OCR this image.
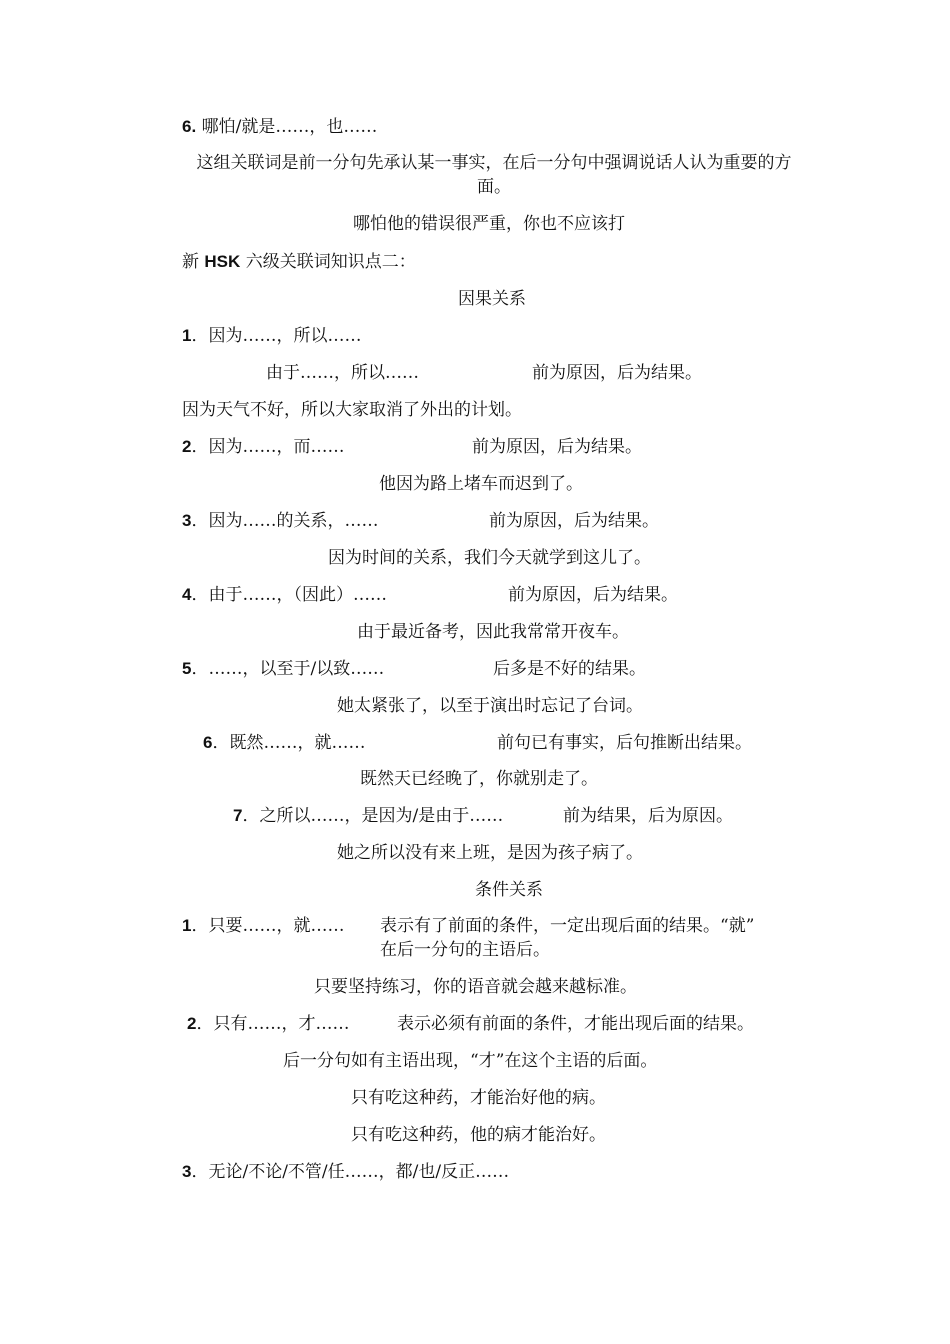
6. 哪怕/就是……，也……
这组关联词是前一分句先承认某一事实，在后一分句中强调说话人认为重要的方面。
哪怕他的错误很严重，你也不应该打
新 HSK 六级关联词知识点二：
因果关系
1．因为……，所以……
由于……，所以……	前为原因，后为结果。
因为天气不好，所以大家取消了外出的计划。
2．因为……，而……	前为原因，后为结果。
他因为路上堵车而迟到了。
3．因为……的关系，……	前为原因，后为结果。
因为时间的关系，我们今天就学到这儿了。
4．由于……，（因此）……	前为原因，后为结果。
由于最近备考，因此我常常开夜车。
5．……，以至于/以致……	后多是不好的结果。
她太紧张了，以至于演出时忘记了台词。
6．既然……，就……	前句已有事实，后句推断出结果。
既然天已经晚了，你就别走了。
7．之所以……，是因为/是由于……	前为结果，后为原因。
她之所以没有来上班，是因为孩子病了。
条件关系
1．只要……，就…… 表示有了前面的条件，一定出现后面的结果。“就”
在后一分句的主语后。
只要坚持练习，你的语音就会越来越标准。
2．只有……，才……	表示必须有前面的条件，才能出现后面的结果。
后一分句如有主语出现，“才”在这个主语的后面。
只有吃这种药，才能治好他的病。
只有吃这种药，他的病才能治好。
3．无论/不论/不管/任……，都/也/反正……
